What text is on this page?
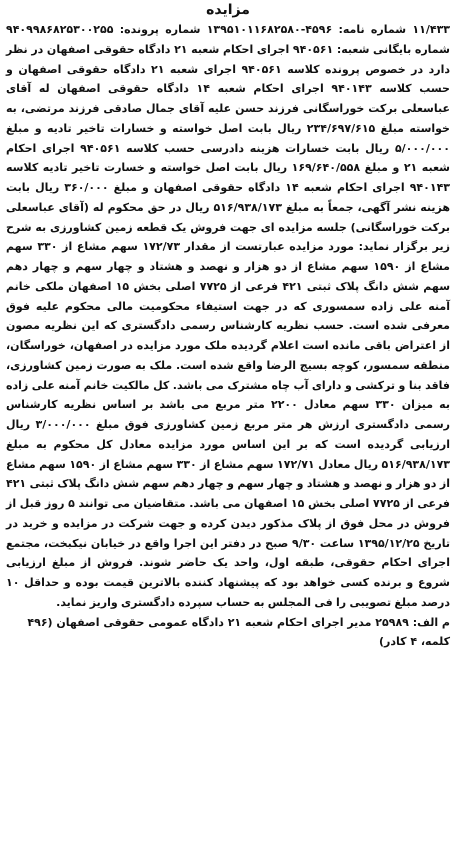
مزایده

۱۱/۴۳۳ شماره نامه: ۴۵۹۶-۱۳۹۵۱۰۱۱۶۸۲۵۸۰ شماره پرونده: ۹۴۰۹۹۸۶۸۲۵۳۰۰۲۵۵ شماره بایگانی شعبه: ۹۴۰۵۶۱ اجرای احکام شعبه ۲۱ دادگاه حقوقی اصفهان در نظر دارد در خصوص پرونده کلاسه ۹۴۰۵۶۱ اجرای شعبه ۲۱ دادگاه حقوقی اصفهان و حسب کلاسه ۹۴۰۱۴۳ اجرای احکام شعبه ۱۴ دادگاه حقوقی اصفهان له آقای عباسعلی برکت خوراسگانی فرزند حسن علیه آقای جمال صادقی فرزند مرتضی، به خواسته مبلغ ۲۳۴/۶۹۷/۶۱۵ ریال بابت اصل خواسته و خسارات تاخیر تادیه و مبلغ ۵/۰۰۰/۰۰۰ ریال بابت خسارات هزینه دادرسی حسب کلاسه ۹۴۰۵۶۱ اجرای احکام شعبه ۲۱ و مبلغ ۱۶۹/۶۴۰/۵۵۸ ریال بابت اصل خواسته و خسارت تاخیر تادیه کلاسه ۹۴۰۱۴۳ اجرای احکام شعبه ۱۴ دادگاه حقوقی اصفهان و مبلغ ۳۶۰/۰۰۰ ریال بابت هزینه نشر آگهی، جمعاً به مبلغ ۵۱۶/۹۳۸/۱۷۳ ریال در حق محکوم له (آقای عباسعلی برکت خوراسگانی) جلسه مزایده ای جهت فروش یک قطعه زمین کشاورزی به شرح زیر برگزار نماید: مورد مزایده عبارتست از مقدار ۱۷۲/۷۳ سهم مشاع از ۳۳۰ سهم مشاع از ۱۵۹۰ سهم مشاع از دو هزار و نهصد و هشتاد و چهار سهم و چهار دهم سهم شش دانگ پلاک ثبتی ۴۲۱ فرعی از ۷۷۲۵ اصلی بخش ۱۵ اصفهان ملکی خانم آمنه علی زاده سمسوری که در جهت استیفاء محکومیت مالی محکوم علیه فوق معرفی شده است. حسب نظریه کارشناس رسمی دادگستری که این نظریه مصون از اعتراض باقی مانده است اعلام گردیده ملک مورد مزایده در اصفهان، خوراسگان، منطقه سمسور، کوچه بسیج الرضا واقع شده است. ملک به صورت زمین کشاورزی، فاقد بنا و ترکشی و دارای آب چاه مشترک می باشد. کل مالکیت خانم آمنه علی زاده به میزان ۳۳۰ سهم معادل ۲۲۰۰ متر مربع می باشد بر اساس نظریه کارشناس رسمی دادگستری ارزش هر متر مربع زمین کشاورزی فوق مبلغ ۳/۰۰۰/۰۰۰ ریال ارزیابی گردیده است که بر این اساس مورد مزایده معادل کل محکوم به مبلغ ۵۱۶/۹۳۸/۱۷۳ ریال معادل ۱۷۲/۷۱ سهم مشاع از ۳۳۰ سهم مشاع از ۱۵۹۰ سهم مشاع از دو هزار و نهصد و هشتاد و چهار سهم و چهار دهم سهم شش دانگ پلاک ثبتی ۴۲۱ فرعی از ۷۷۲۵ اصلی بخش ۱۵ اصفهان می باشد. متقاضیان می توانند ۵ روز قبل از فروش در محل فوق از پلاک مذکور دیدن کرده و جهت شرکت در مزایده و خرید در تاریخ ۱۳۹۵/۱۲/۲۵ ساعت ۹/۳۰ صبح در دفتر این اجرا واقع در خیابان نیکبخت، مجتمع اجرای احکام حقوقی، طبقه اول، واحد یک حاضر شوند. فروش از مبلغ ارزیابی شروع و برنده کسی خواهد بود که پیشنهاد کننده بالاترین قیمت بوده و حداقل ۱۰ درصد مبلغ تصویبی را فی المجلس به حساب سپرده دادگستری واریز نماید.

م الف: ۲۵۹۸۹ مدیر اجرای احکام شعبه ۲۱ دادگاه عمومی حقوقی اصفهان (۴۹۶ کلمه، ۴ کادر)
